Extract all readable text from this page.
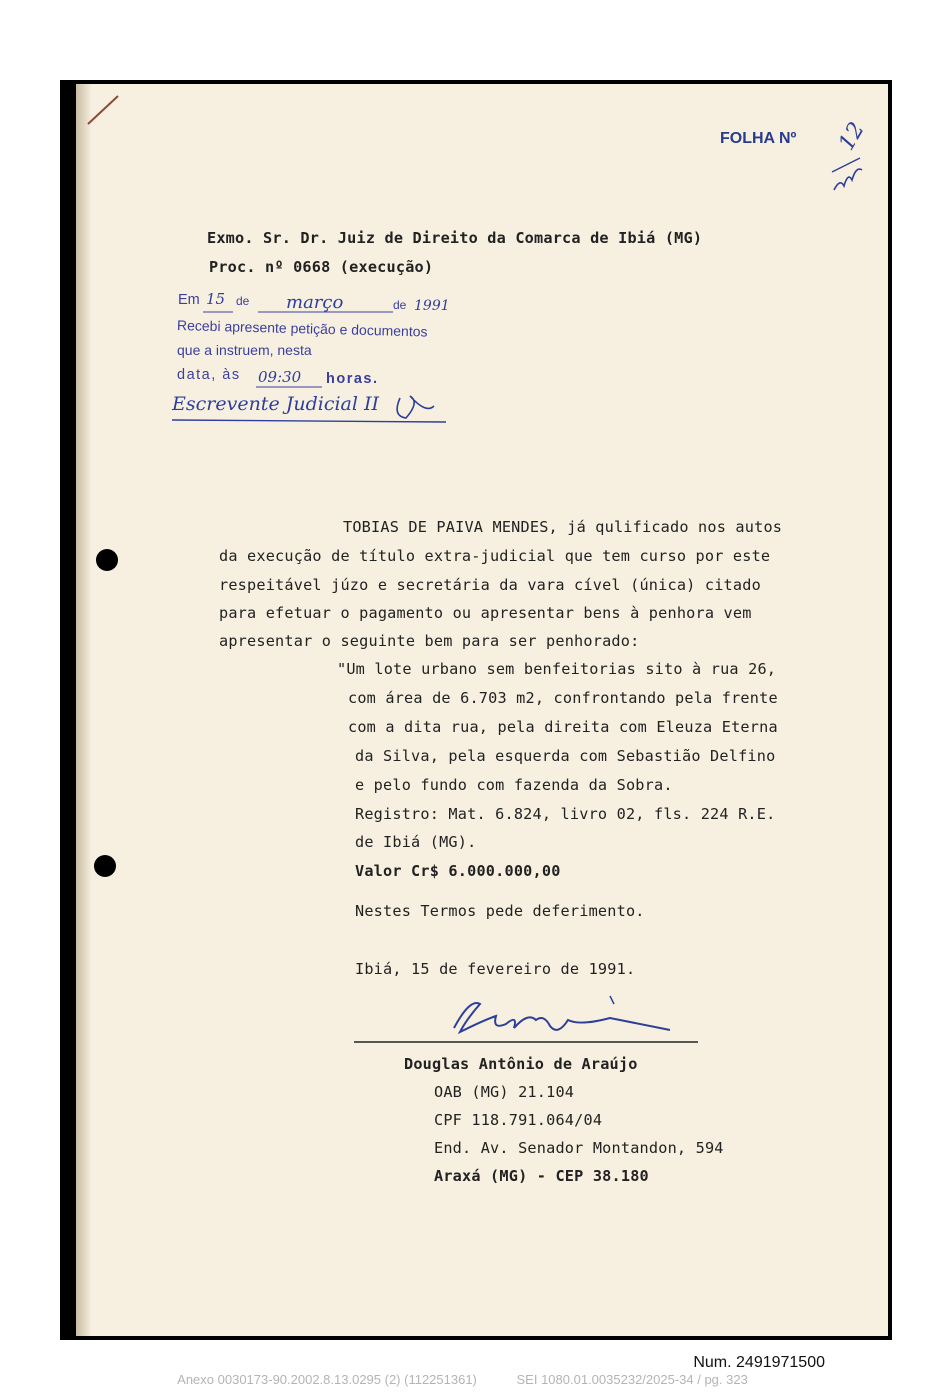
FOLHA Nº 12
Exmo. Sr. Dr. Juiz de Direito da Comarca de Ibiá (MG)
Proc. nº 0668 (execução)
Em 15 de março	de 1991
Recebi apresente petição e documentos
que a instruem, nesta
data, às 09:30 horas.
Escrevente Judicial II
TOBIAS DE PAIVA MENDES, já qulificado nos autos
da execução de título extra-judicial que tem curso por este
respeitável júzo e secretária da vara cível (única) citado
para efetuar o pagamento ou apresentar bens à penhora vem
apresentar o seguinte bem para ser penhorado:
"Um lote urbano sem benfeitorias sito à rua 26,
com área de 6.703 m2, confrontando pela frente
com a dita rua, pela direita com Eleuza Eterna
da Silva, pela esquerda com Sebastião Delfino
e pelo fundo com fazenda da Sobra.
Registro: Mat. 6.824, livro 02, fls. 224 R.E.
de Ibiá (MG).
Valor Cr$ 6.000.000,00
Nestes Termos pede deferimento.
Ibiá, 15 de fevereiro de 1991.
Douglas Antônio de Araújo
OAB (MG) 21.104
CPF 118.791.064/04
End. Av. Senador Montandon, 594
Araxá (MG) - CEP 38.180
Num. 2491971500
Anexo 0030173-90.2002.8.13.0295 (2) (112251361)	SEI 1080.01.0035232/2025-34 / pg. 323
